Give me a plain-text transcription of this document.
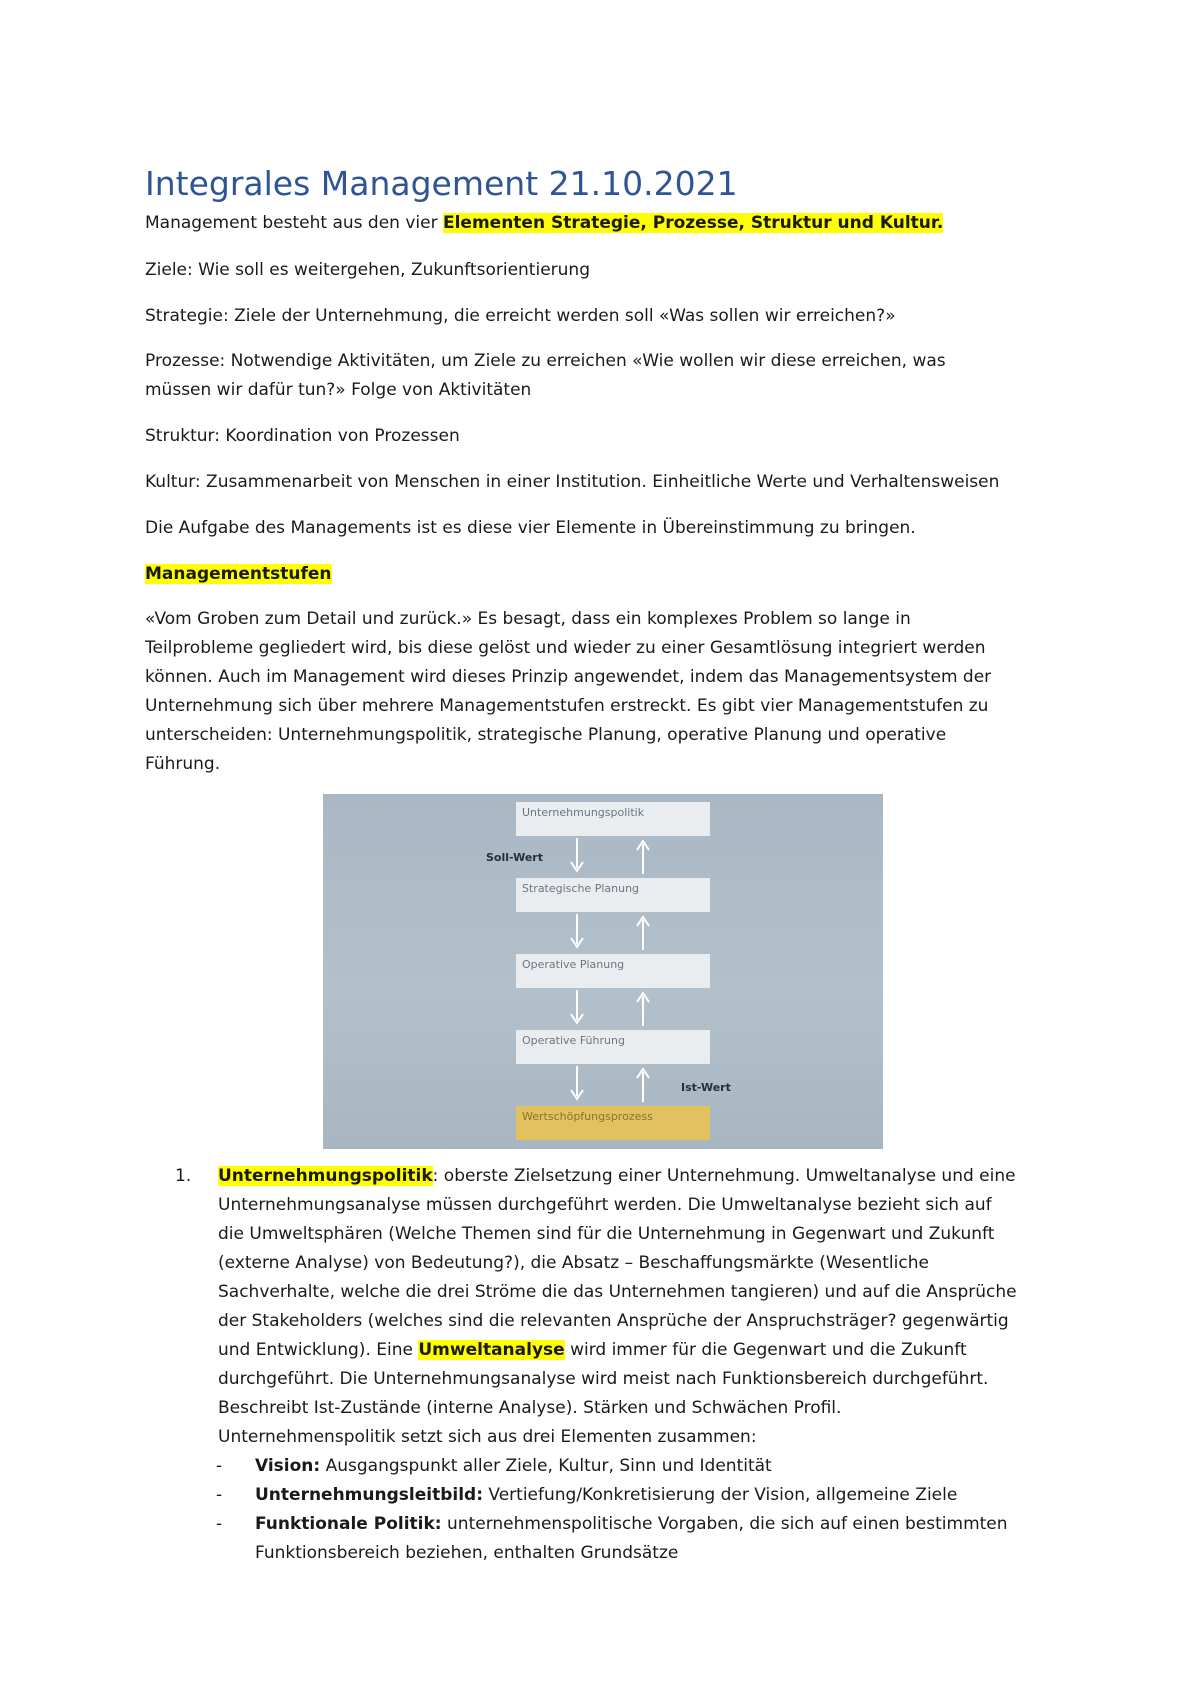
Integrales Management 21.10.2021

Management besteht aus den vier Elementen Strategie, Prozesse, Struktur und Kultur.

Ziele: Wie soll es weitergehen, Zukunftsorientierung

Strategie: Ziele der Unternehmung, die erreicht werden soll «Was sollen wir erreichen?»

Prozesse: Notwendige Aktivitäten, um Ziele zu erreichen «Wie wollen wir diese erreichen, was

müssen wir dafür tun?» Folge von Aktivitäten

Struktur: Koordination von Prozessen

Kultur: Zusammenarbeit von Menschen in einer Institution. Einheitliche Werte und Verhaltensweisen

Die Aufgabe des Managements ist es diese vier Elemente in Übereinstimmung zu bringen.

Managementstufen

«Vom Groben zum Detail und zurück.» Es besagt, dass ein komplexes Problem so lange in

Teilprobleme gegliedert wird, bis diese gelöst und wieder zu einer Gesamtlösung integriert werden

können. Auch im Management wird dieses Prinzip angewendet, indem das Managementsystem der

Unternehmung sich über mehrere Managementstufen erstreckt. Es gibt vier Managementstufen zu

unterscheiden: Unternehmungspolitik, strategische Planung, operative Planung und operative

Führung.

Unternehmungspolitik
Strategische Planung
Operative Planung
Operative Führung
Wertschöpfungsprozess
Soll-Wert
Ist-Wert
1. Unternehmungspolitik: oberste Zielsetzung einer Unternehmung. Umweltanalyse und eine

Unternehmungsanalyse müssen durchgeführt werden. Die Umweltanalyse bezieht sich auf

die Umweltsphären (Welche Themen sind für die Unternehmung in Gegenwart und Zukunft

(externe Analyse) von Bedeutung?), die Absatz – Beschaffungsmärkte (Wesentliche

Sachverhalte, welche die drei Ströme die das Unternehmen tangieren) und auf die Ansprüche

der Stakeholders (welches sind die relevanten Ansprüche der Anspruchsträger? gegenwärtig

und Entwicklung). Eine Umweltanalyse wird immer für die Gegenwart und die Zukunft

durchgeführt. Die Unternehmungsanalyse wird meist nach Funktionsbereich durchgeführt.

Beschreibt Ist-Zustände (interne Analyse). Stärken und Schwächen Profil.

Unternehmenspolitik setzt sich aus drei Elementen zusammen:

- Vision: Ausgangspunkt aller Ziele, Kultur, Sinn und Identität

- Unternehmungsleitbild: Vertiefung/Konkretisierung der Vision, allgemeine Ziele

- Funktionale Politik: unternehmenspolitische Vorgaben, die sich auf einen bestimmten

Funktionsbereich beziehen, enthalten Grundsätze
